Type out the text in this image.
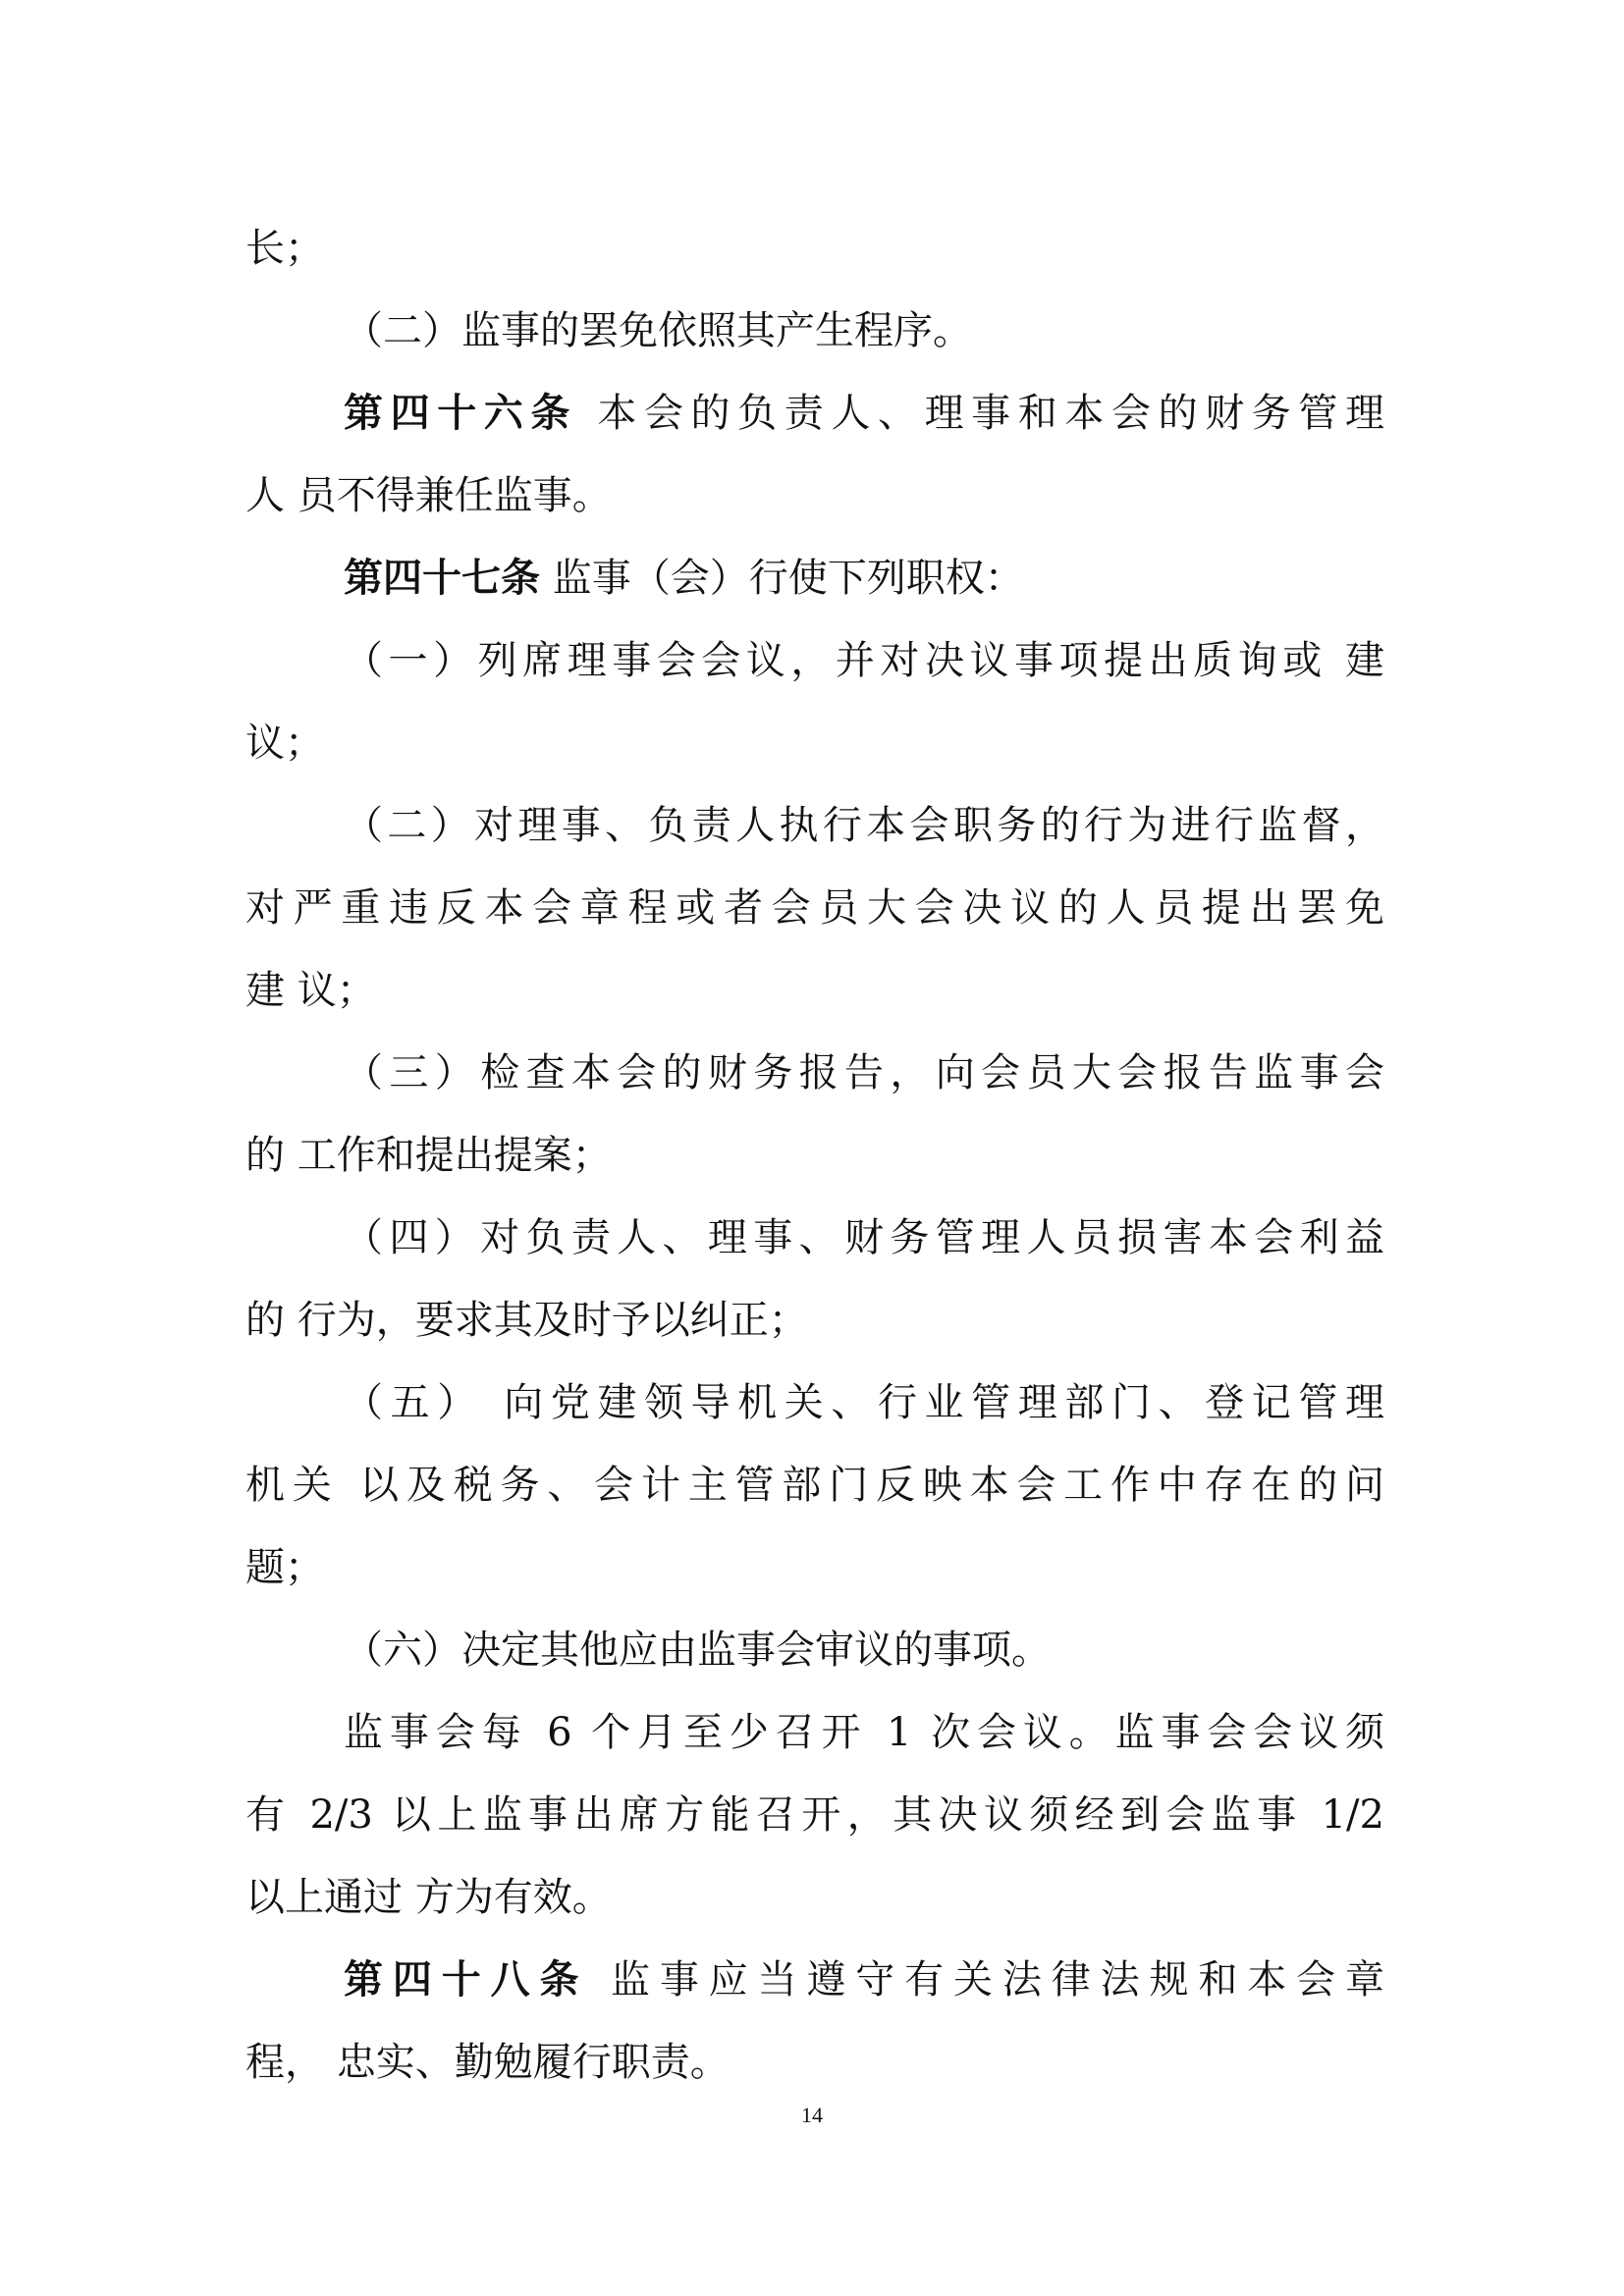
长；
（二）监事的罢免依照其产生程序。
第四十六条 本会的负责人、理事和本会的财务管理
人 员不得兼任监事。
第四十七条 监事（会）行使下列职权：
（一）列席理事会会议，并对决议事项提出质询或 建
议；
（二）对理事、负责人执行本会职务的行为进行监督，
对严重违反本会章程或者会员大会决议的人员提出罢免
建 议；
（三）检查本会的财务报告，向会员大会报告监事会
的 工作和提出提案；
（四）对负责人、理事、财务管理人员损害本会利益
的 行为，要求其及时予以纠正；
（五） 向党建领导机关、行业管理部门、登记管理
机关 以及税务、会计主管部门反映本会工作中存在的问
题；
（六）决定其他应由监事会审议的事项。
监事会每 6 个月至少召开 1 次会议。监事会会议须
有 2/3 以上监事出席方能召开，其决议须经到会监事 1/2
以上通过 方为有效。
第四十八条 监事应当遵守有关法律法规和本会章
程， 忠实、勤勉履行职责。
14
